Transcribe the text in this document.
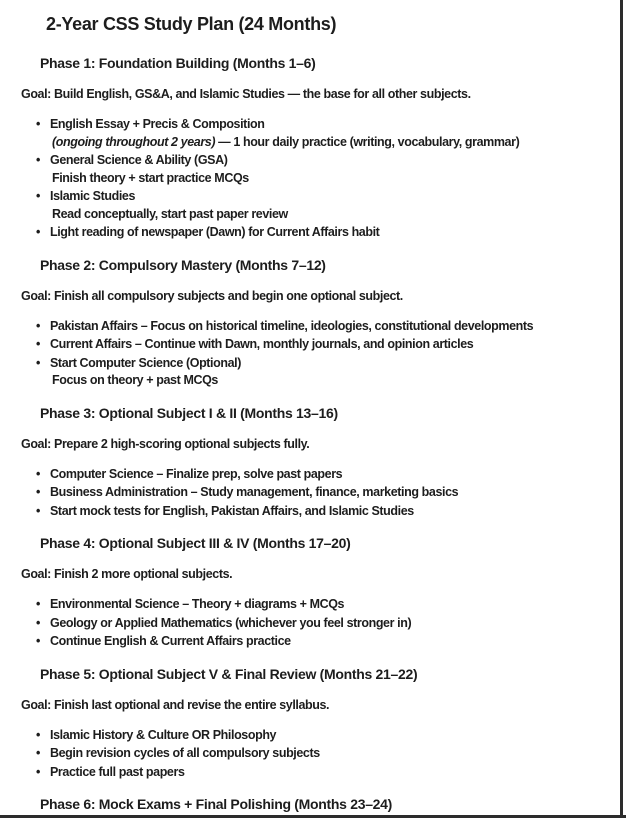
2-Year CSS Study Plan (24 Months)
Phase 1: Foundation Building (Months 1–6)
Goal: Build English, GS&A, and Islamic Studies — the base for all other subjects.
• English Essay + Precis & Composition
(ongoing throughout 2 years) — 1 hour daily practice (writing, vocabulary, grammar)
• General Science & Ability (GSA)
Finish theory + start practice MCQs
• Islamic Studies
Read conceptually, start past paper review
• Light reading of newspaper (Dawn) for Current Affairs habit
Phase 2: Compulsory Mastery (Months 7–12)
Goal: Finish all compulsory subjects and begin one optional subject.
• Pakistan Affairs – Focus on historical timeline, ideologies, constitutional developments
• Current Affairs – Continue with Dawn, monthly journals, and opinion articles
• Start Computer Science (Optional)
Focus on theory + past MCQs
Phase 3: Optional Subject I & II (Months 13–16)
Goal: Prepare 2 high-scoring optional subjects fully.
• Computer Science – Finalize prep, solve past papers
• Business Administration – Study management, finance, marketing basics
• Start mock tests for English, Pakistan Affairs, and Islamic Studies
Phase 4: Optional Subject III & IV (Months 17–20)
Goal: Finish 2 more optional subjects.
• Environmental Science – Theory + diagrams + MCQs
• Geology or Applied Mathematics (whichever you feel stronger in)
• Continue English & Current Affairs practice
Phase 5: Optional Subject V & Final Review (Months 21–22)
Goal: Finish last optional and revise the entire syllabus.
• Islamic History & Culture OR Philosophy
• Begin revision cycles of all compulsory subjects
• Practice full past papers
Phase 6: Mock Exams + Final Polishing (Months 23–24)
